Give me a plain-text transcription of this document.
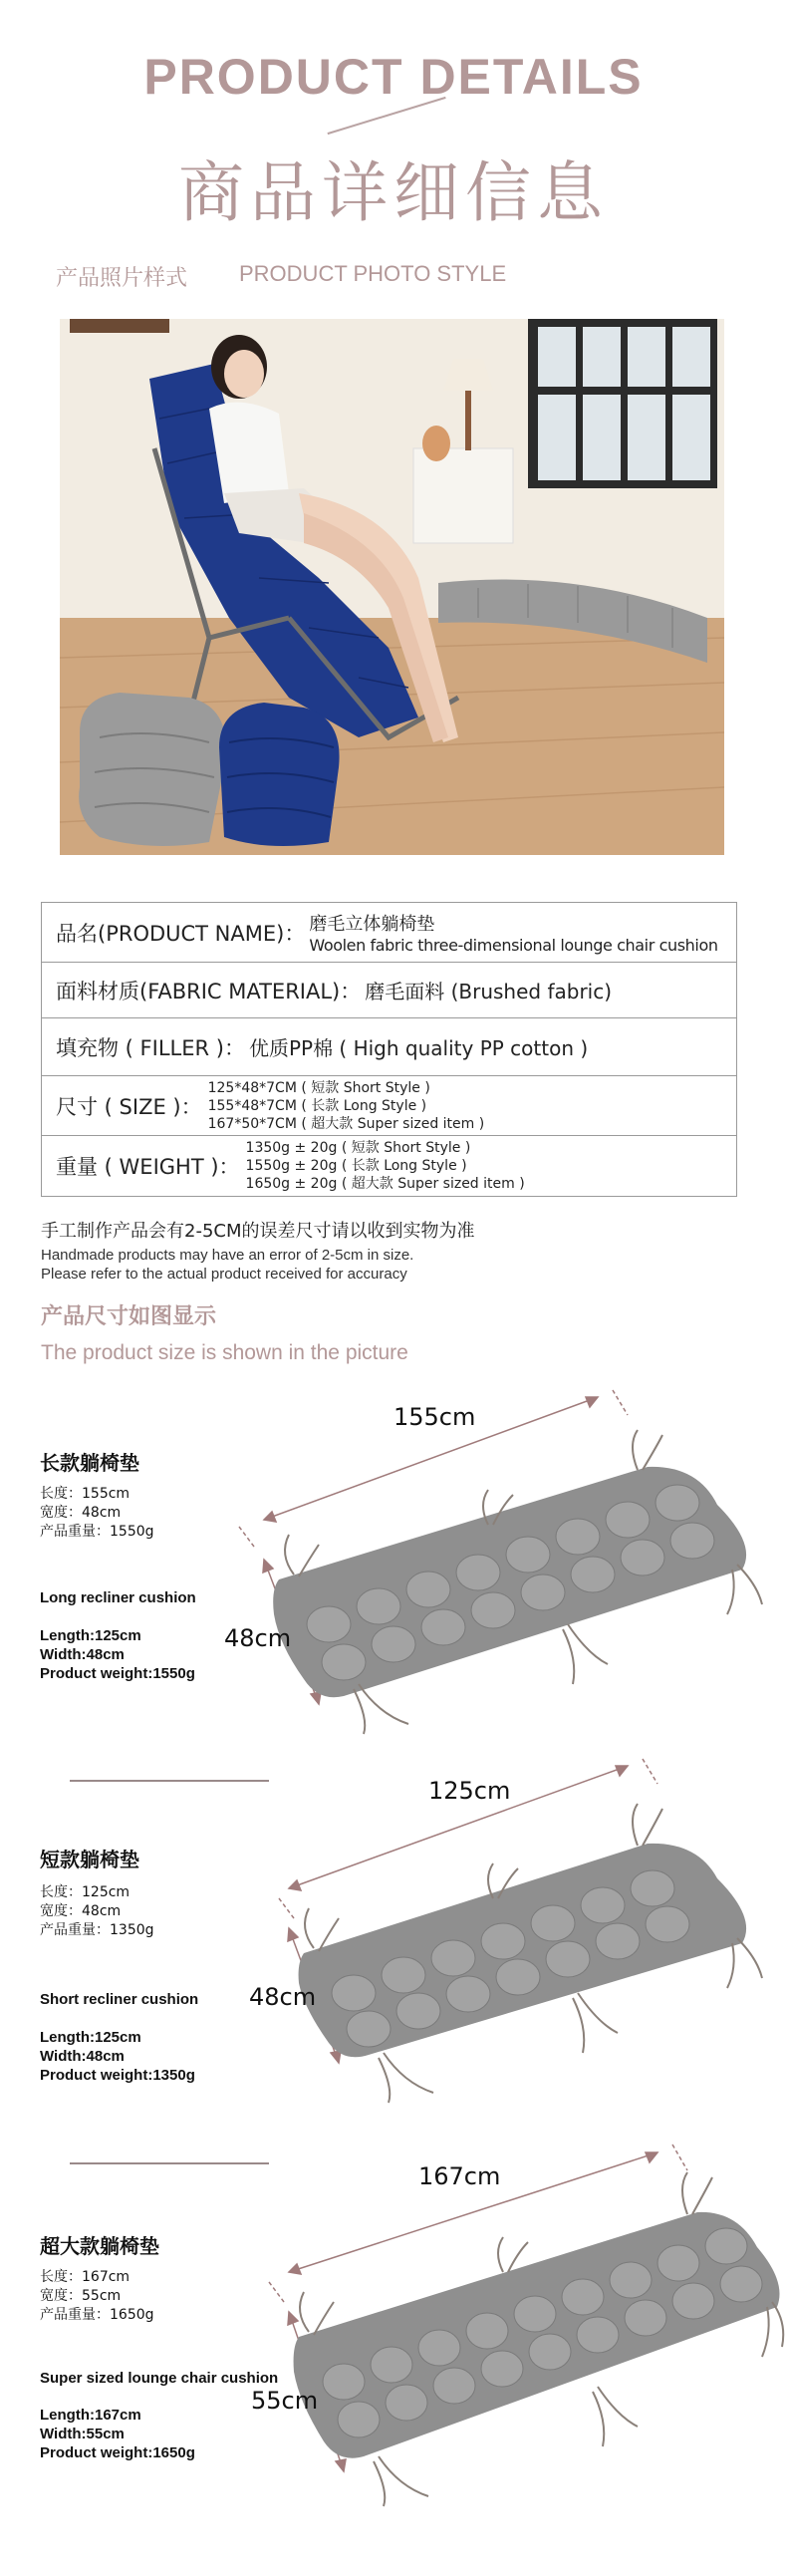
PRODUCT DETAILS
商品详细信息
产品照片样式 PRODUCT PHOTO STYLE
品名(PRODUCT NAME) ： 磨毛立体躺椅垫
Woolen fabric three-dimensional lounge chair cushion
面料材质(FABRIC MATERIAL) ： 磨毛面料 (Brushed fabric)
填充物 ( FILLER ) ： 优质PP棉 ( High quality PP cotton )
尺寸 ( SIZE ) ：
125*48*7CM ( 短款 Short Style )
155*48*7CM ( 长款 Long Style )
167*50*7CM ( 超大款 Super sized item )
重量 ( WEIGHT ) ：
1350g ± 20g ( 短款 Short Style )
1550g ± 20g ( 长款 Long Style )
1650g ± 20g ( 超大款 Super sized item )
手工制作产品会有2-5CM的误差尺寸请以收到实物为准
Handmade products may have an error of 2-5cm in size.
Please refer to the actual product received for accuracy
产品尺寸如图显示
The product size is shown in the picture
155cm
48cm
长款躺椅垫
长度：155cm
宽度：48cm
产品重量：1550g
Long recliner cushion
Length:125cm
Width:48cm
Product weight:1550g
125cm
48cm
短款躺椅垫
长度：125cm
宽度：48cm
产品重量：1350g
Short recliner cushion
Length:125cm
Width:48cm
Product weight:1350g
167cm
55cm
超大款躺椅垫
长度：167cm
宽度：55cm
产品重量：1650g
Super sized lounge chair cushion
Length:167cm
Width:55cm
Product weight:1650g
